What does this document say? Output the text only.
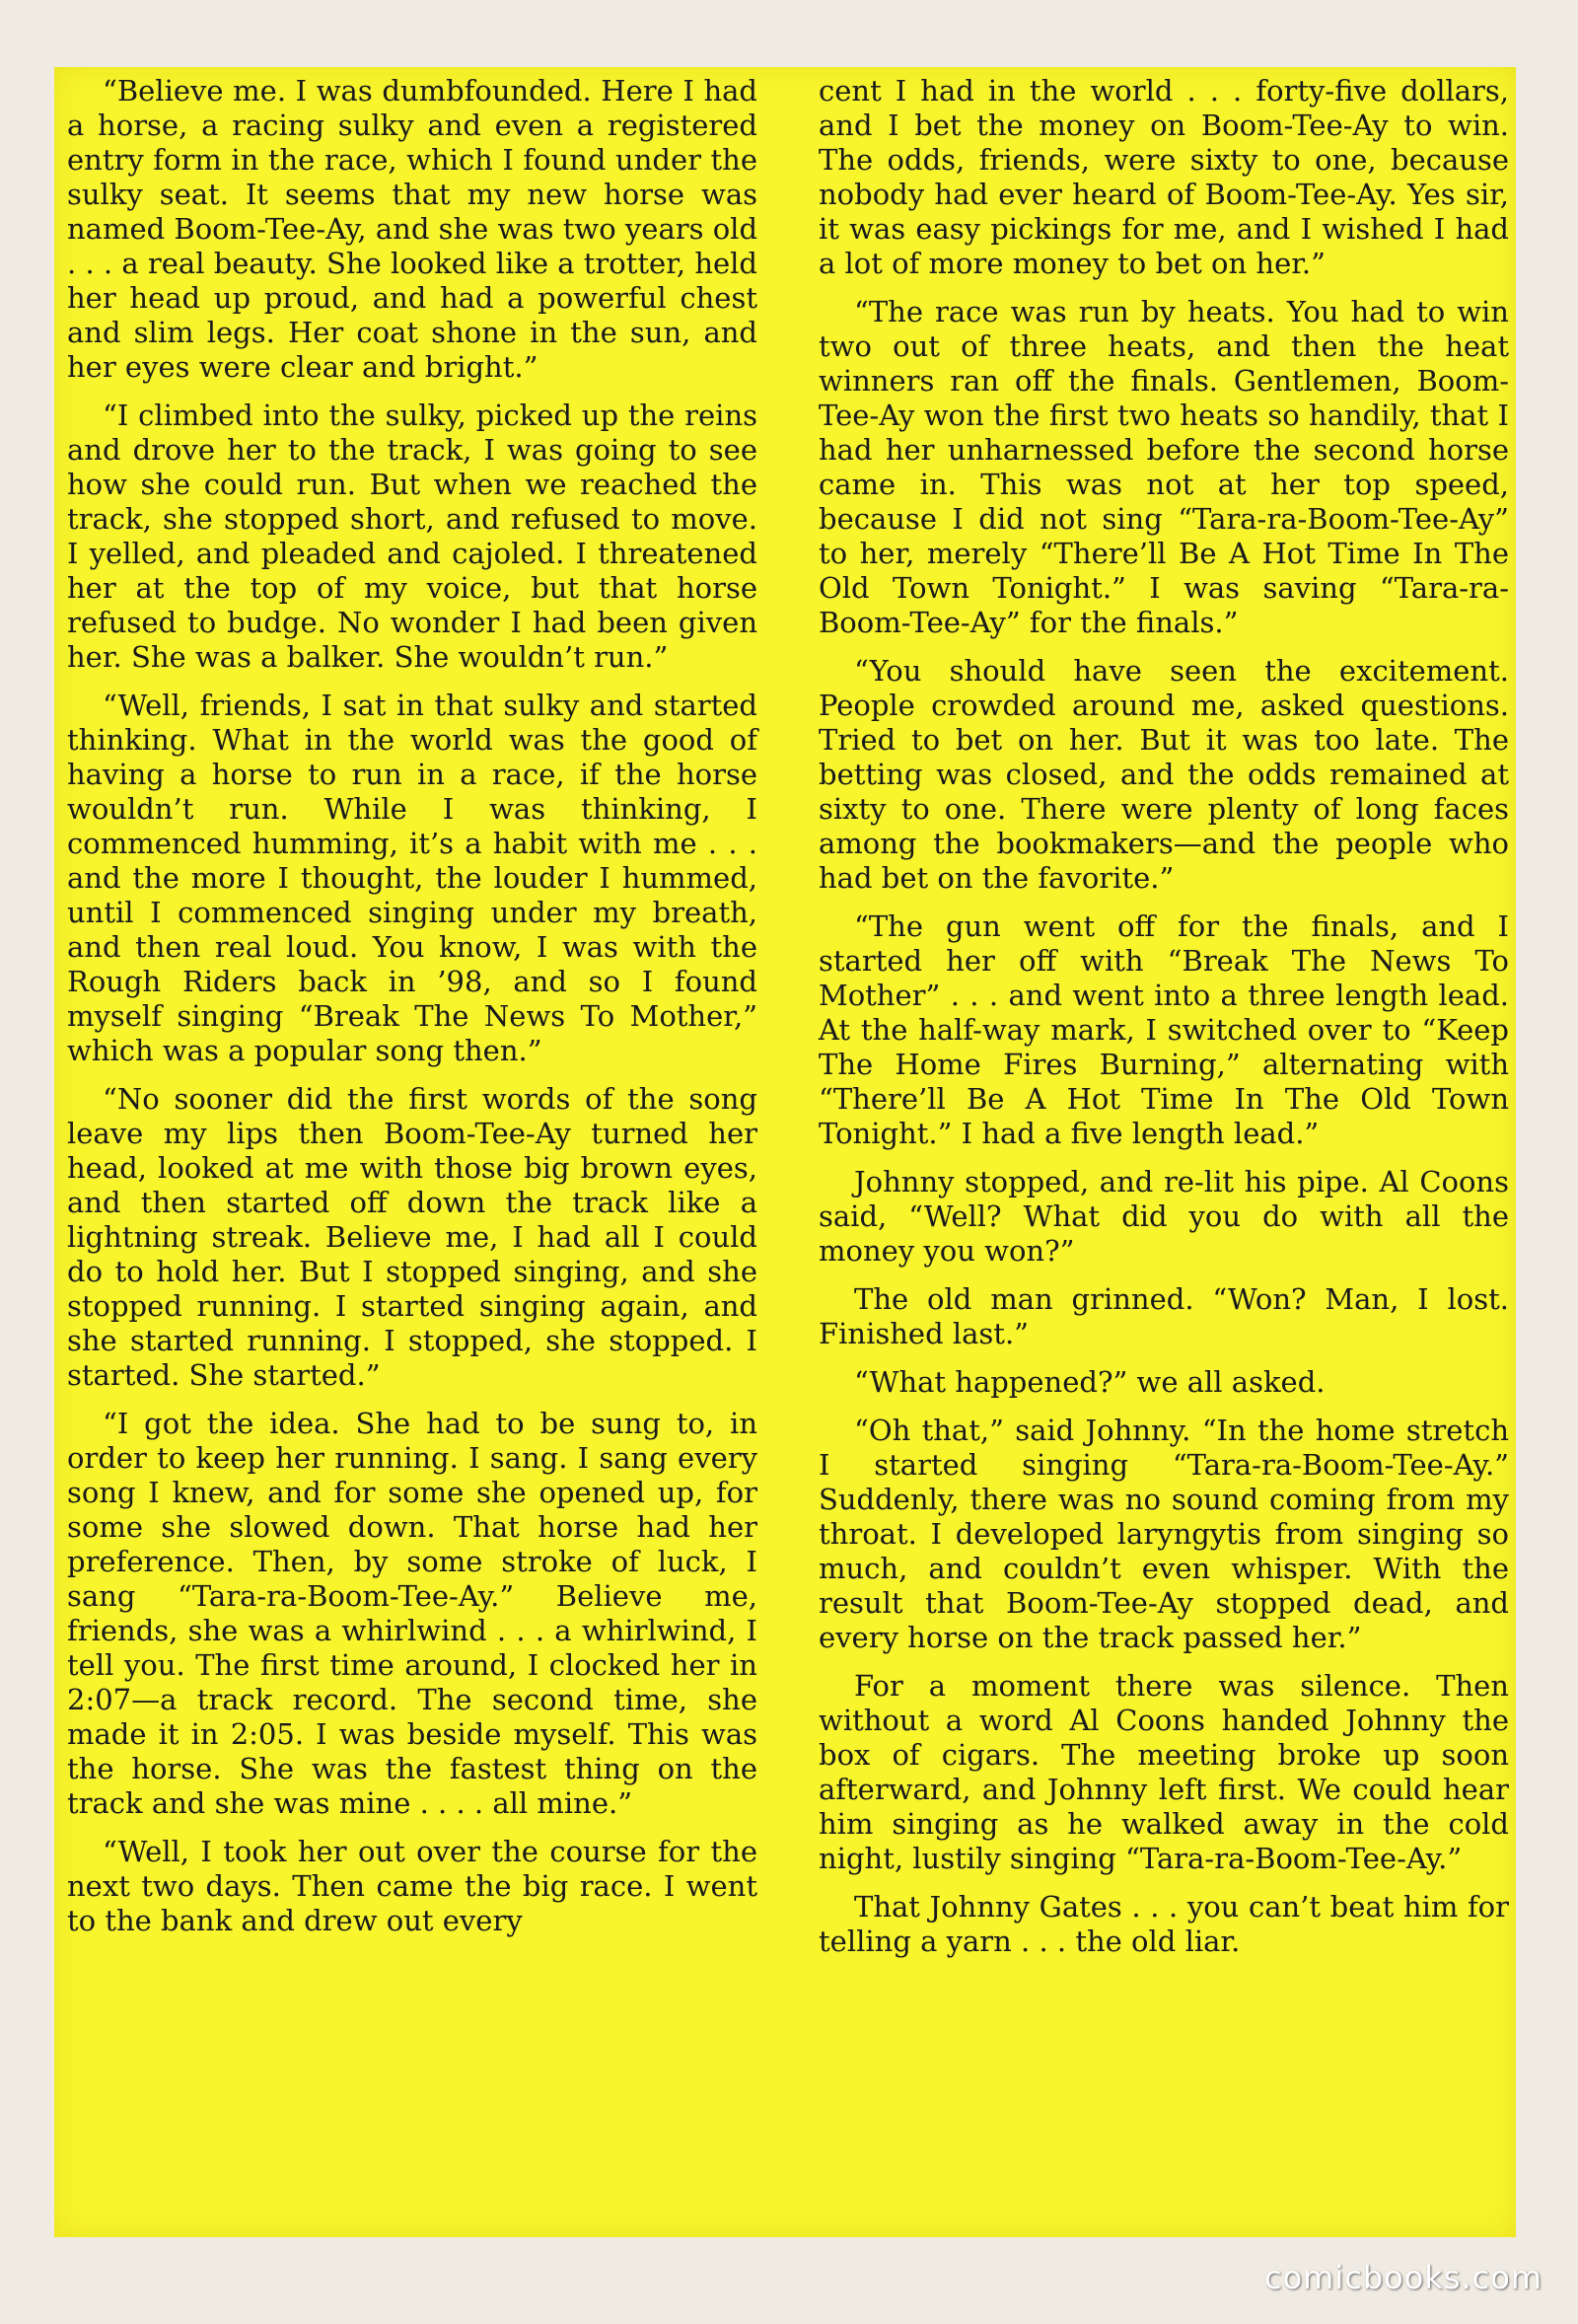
“Believe me. I was dumbfounded. Here I had a horse, a racing sulky and even a registered entry form in the race, which I found under the sulky seat. It seems that my new horse was named Boom-Tee-Ay, and she was two years old . . . a real beauty. She looked like a trotter, held her head up proud, and had a powerful chest and slim legs. Her coat shone in the sun, and her eyes were clear and bright.”

“I climbed into the sulky, picked up the reins and drove her to the track, I was going to see how she could run. But when we reached the track, she stopped short, and refused to move. I yelled, and pleaded and cajoled. I threatened her at the top of my voice, but that horse refused to budge. No wonder I had been given her. She was a balker. She wouldn’t run.”

“Well, friends, I sat in that sulky and started thinking. What in the world was the good of having a horse to run in a race, if the horse wouldn’t run. While I was thinking, I commenced humming, it’s a habit with me . . . and the more I thought, the louder I hummed, until I commenced singing under my breath, and then real loud. You know, I was with the Rough Riders back in ’98, and so I found myself singing “Break The News To Mother,” which was a popular song then.”

“No sooner did the first words of the song leave my lips then Boom-Tee-Ay turned her head, looked at me with those big brown eyes, and then started off down the track like a lightning streak. Believe me, I had all I could do to hold her. But I stopped singing, and she stopped running. I started singing again, and she started running. I stopped, she stopped. I started. She started.”

“I got the idea. She had to be sung to, in order to keep her running. I sang. I sang every song I knew, and for some she opened up, for some she slowed down. That horse had her preference. Then, by some stroke of luck, I sang “Tara-ra-Boom-Tee-Ay.” Believe me, friends, she was a whirlwind . . . a whirlwind, I tell you. The first time around, I clocked her in 2:07—a track record. The second time, she made it in 2:05. I was beside myself. This was the horse. She was the fastest thing on the track and she was mine . . . . all mine.”

“Well, I took her out over the course for the next two days. Then came the big race. I went to the bank and drew out every

cent I had in the world . . . forty-five dollars, and I bet the money on Boom-Tee-Ay to win. The odds, friends, were sixty to one, because nobody had ever heard of Boom-Tee-Ay. Yes sir, it was easy pickings for me, and I wished I had a lot of more money to bet on her.”

“The race was run by heats. You had to win two out of three heats, and then the heat winners ran off the finals. Gentlemen, Boom-Tee-Ay won the first two heats so handily, that I had her unharnessed before the second horse came in. This was not at her top speed, because I did not sing “Tara-ra-Boom-Tee-Ay” to her, merely “There’ll Be A Hot Time In The Old Town Tonight.” I was saving “Tara-ra-Boom-Tee-Ay” for the finals.”

“You should have seen the excitement. People crowded around me, asked questions. Tried to bet on her. But it was too late. The betting was closed, and the odds remained at sixty to one. There were plenty of long faces among the bookmakers—and the people who had bet on the favorite.”

“The gun went off for the finals, and I started her off with “Break The News To Mother” . . . and went into a three length lead. At the half-way mark, I switched over to “Keep The Home Fires Burning,” alternating with “There’ll Be A Hot Time In The Old Town Tonight.” I had a five length lead.”

Johnny stopped, and re-lit his pipe. Al Coons said, “Well? What did you do with all the money you won?”

The old man grinned. “Won? Man, I lost. Finished last.”

“What happened?” we all asked.

“Oh that,” said Johnny. “In the home stretch I started singing “Tara-ra-Boom-Tee-Ay.” Suddenly, there was no sound coming from my throat. I developed laryngytis from singing so much, and couldn’t even whisper. With the result that Boom-Tee-Ay stopped dead, and every horse on the track passed her.”

For a moment there was silence. Then without a word Al Coons handed Johnny the box of cigars. The meeting broke up soon afterward, and Johnny left first. We could hear him singing as he walked away in the cold night, lustily singing “Tara-ra-Boom-Tee-Ay.”

That Johnny Gates . . . you can’t beat him for telling a yarn . . . the old liar.

comicbooks.com
